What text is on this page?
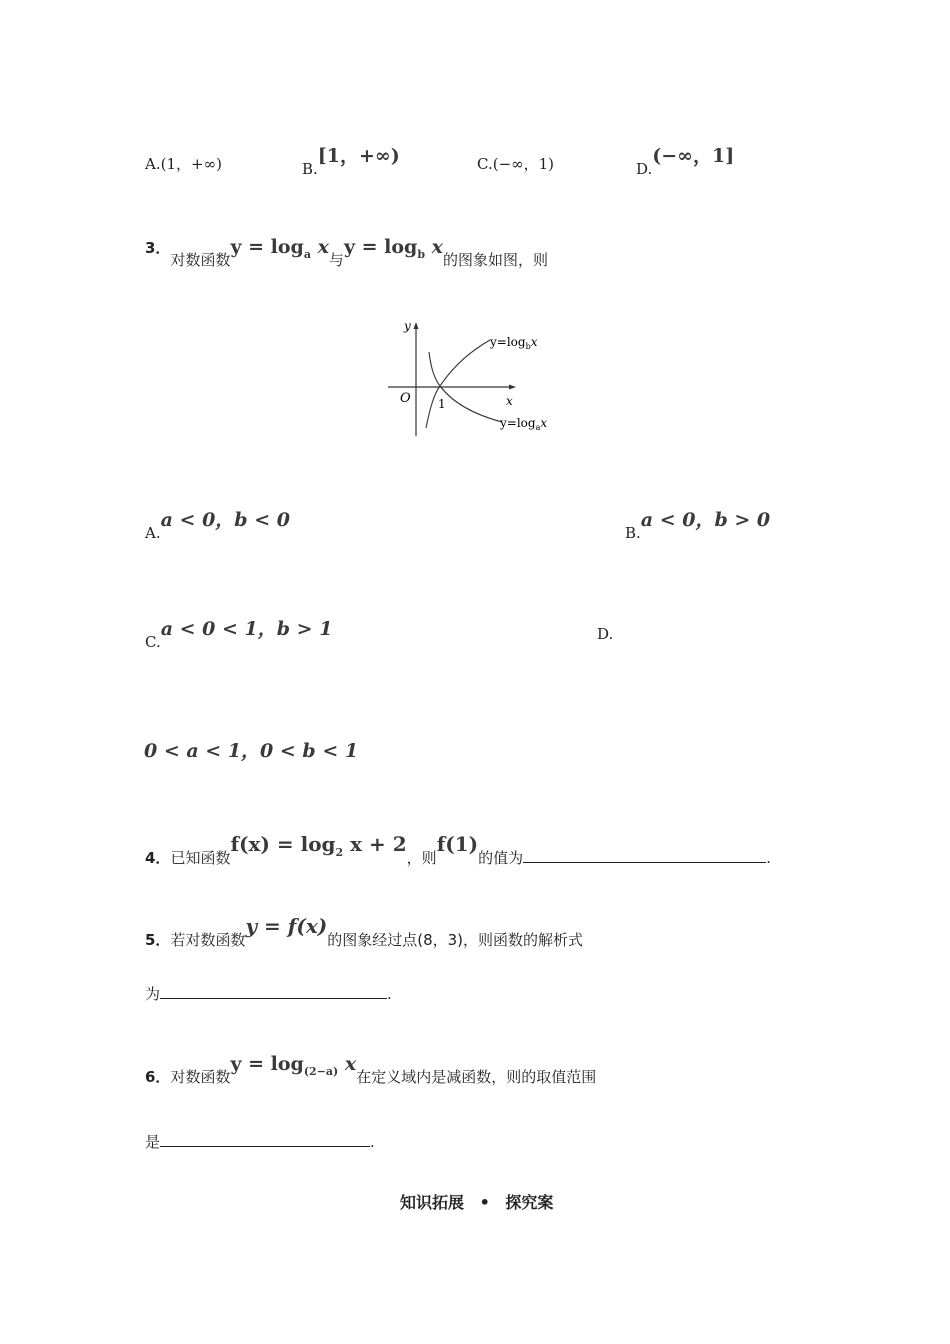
A.(1，+∞)	B.[1，+∞)	C.(−∞，1)	D.(−∞，1]
3．对数函数$y = \log_a x$与$y = \log_b x$的图象如图，则
y
x
O 1
$y=\log_bx$
$y=\log_ax$
A.a < 0，b < 0
B.a < 0，b > 0
C.a < 0 < 1，b > 1	D.
0 < a < 1，0 < b < 1
4．已知函数$f(x) = \log_2 x + 2$，则f(1)的值为	.
5．若对数函数y = f(x)的图象经过点(8，3)，则函数的解析式
为	.
6．对数函数$y = \log_{(2-a)} x$在定义域内是减函数，则的取值范围
是	.
知识拓展 • 探究案
